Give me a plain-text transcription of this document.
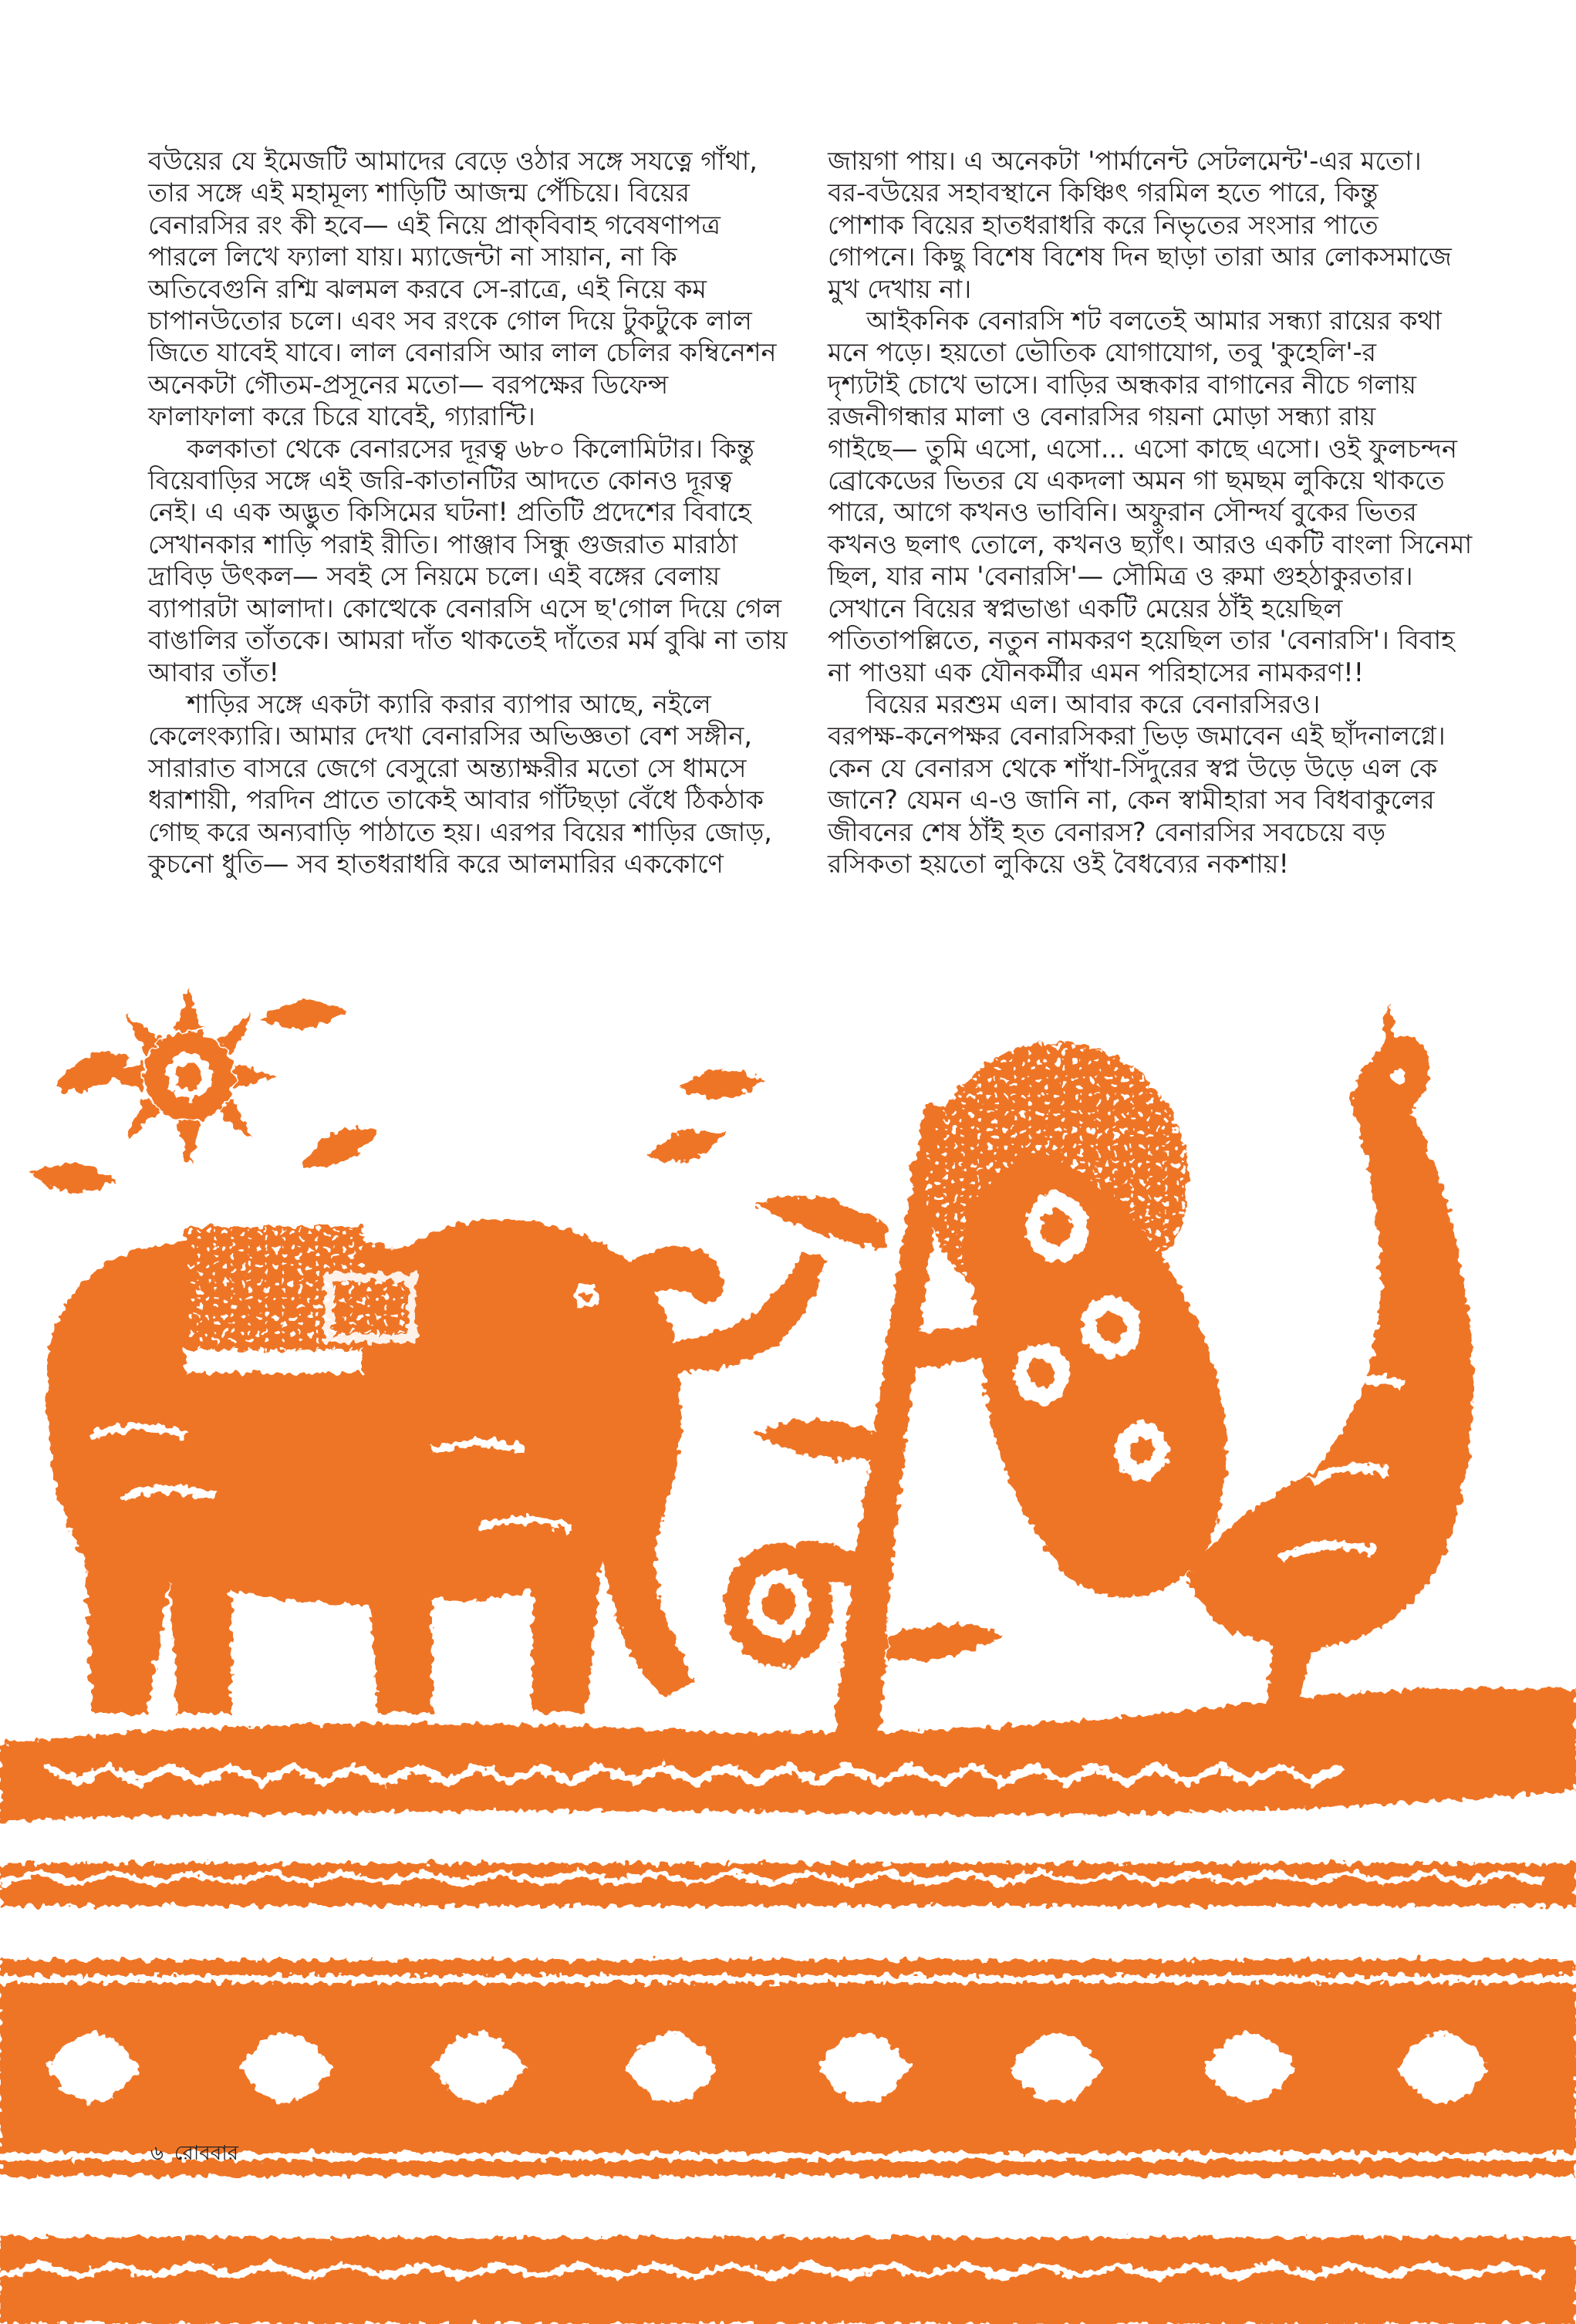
বউয়ের যে ইমেজটি আমাদের বেড়ে ওঠার সঙ্গে সযত্নে গাঁথা,

তার সঙ্গে এই মহামূল্য শাড়িটি আজন্ম পেঁচিয়ে। বিয়ের

বেনারসির রং কী হবে— এই নিয়ে প্রাক্‌বিবাহ গবেষণাপত্র

পারলে লিখে ফ্যালা যায়। ম্যাজেন্টা না সায়ান, না কি

অতিবেগুনি রশ্মি ঝলমল করবে সে-রাত্রে, এই নিয়ে কম

চাপানউতোর চলে। এবং সব রংকে গোল দিয়ে টুকটুকে লাল

জিতে যাবেই যাবে। লাল বেনারসি আর লাল চেলির কম্বিনেশন

অনেকটা গৌতম-প্রসূনের মতো— বরপক্ষের ডিফেন্স

ফালাফালা করে চিরে যাবেই, গ্যারান্টি।

কলকাতা থেকে বেনারসের দূরত্ব ৬৮০ কিলোমিটার। কিন্তু

বিয়েবাড়ির সঙ্গে এই জরি-কাতানটির আদতে কোনও দূরত্ব

নেই। এ এক অদ্ভুত কিসিমের ঘটনা! প্রতিটি প্রদেশের বিবাহে

সেখানকার শাড়ি পরাই রীতি। পাঞ্জাব সিন্ধু গুজরাত মারাঠা

দ্রাবিড় উৎকল— সবই সে নিয়মে চলে। এই বঙ্গের বেলায়

ব্যাপারটা আলাদা। কোত্থেকে বেনারসি এসে ছ'গোল দিয়ে গেল

বাঙালির তাঁতকে। আমরা দাঁত থাকতেই দাঁতের মর্ম বুঝি না তায়

আবার তাঁত!

শাড়ির সঙ্গে একটা ক্যারি করার ব্যাপার আছে, নইলে

কেলেংক্যারি। আমার দেখা বেনারসির অভিজ্ঞতা বেশ সঙ্গীন,

সারারাত বাসরে জেগে বেসুরো অন্ত্যাক্ষরীর মতো সে ধামসে

ধরাশায়ী, পরদিন প্রাতে তাকেই আবার গাঁটছড়া বেঁধে ঠিকঠাক

গোছ করে অন্যবাড়ি পাঠাতে হয়। এরপর বিয়ের শাড়ির জোড়,

কুচনো ধুতি— সব হাতধরাধরি করে আলমারির এককোণে

জায়গা পায়। এ অনেকটা 'পার্মানেন্ট সেটলমেন্ট'-এর মতো।

বর-বউয়ের সহাবস্থানে কিঞ্চিৎ গরমিল হতে পারে, কিন্তু

পোশাক বিয়ের হাতধরাধরি করে নিভৃতের সংসার পাতে

গোপনে। কিছু বিশেষ বিশেষ দিন ছাড়া তারা আর লোকসমাজে

মুখ দেখায় না।

আইকনিক বেনারসি শট বলতেই আমার সন্ধ্যা রায়ের কথা

মনে পড়ে। হয়তো ভৌতিক যোগাযোগ, তবু 'কুহেলি'-র

দৃশ্যটাই চোখে ভাসে। বাড়ির অন্ধকার বাগানের নীচে গলায়

রজনীগন্ধার মালা ও বেনারসির গয়না মোড়া সন্ধ্যা রায়

গাইছে— তুমি এসো, এসো... এসো কাছে এসো। ওই ফুলচন্দন

ব্রোকেডের ভিতর যে একদলা অমন গা ছমছম লুকিয়ে থাকতে

পারে, আগে কখনও ভাবিনি। অফুরান সৌন্দর্য বুকের ভিতর

কখনও ছলাৎ তোলে, কখনও ছ্যাঁৎ। আরও একটি বাংলা সিনেমা

ছিল, যার নাম 'বেনারসি'— সৌমিত্র ও রুমা গুহঠাকুরতার।

সেখানে বিয়ের স্বপ্নভাঙা একটি মেয়ের ঠাঁই হয়েছিল

পতিতাপল্লিতে, নতুন নামকরণ হয়েছিল তার 'বেনারসি'। বিবাহ

না পাওয়া এক যৌনকর্মীর এমন পরিহাসের নামকরণ!!

বিয়ের মরশুম এল। আবার করে বেনারসিরও।

বরপক্ষ-কনেপক্ষর বেনারসিকরা ভিড় জমাবেন এই ছাঁদনালগ্নে।

কেন যে বেনারস থেকে শাঁখা-সিঁদুরের স্বপ্ন উড়ে উড়ে এল কে

জানে? যেমন এ-ও জানি না, কেন স্বামীহারা সব বিধবাকুলের

জীবনের শেষ ঠাঁই হত বেনারস? বেনারসির সবচেয়ে বড়

রসিকতা হয়তো লুকিয়ে ওই বৈধব্যের নকশায়!

৬ রোববার
